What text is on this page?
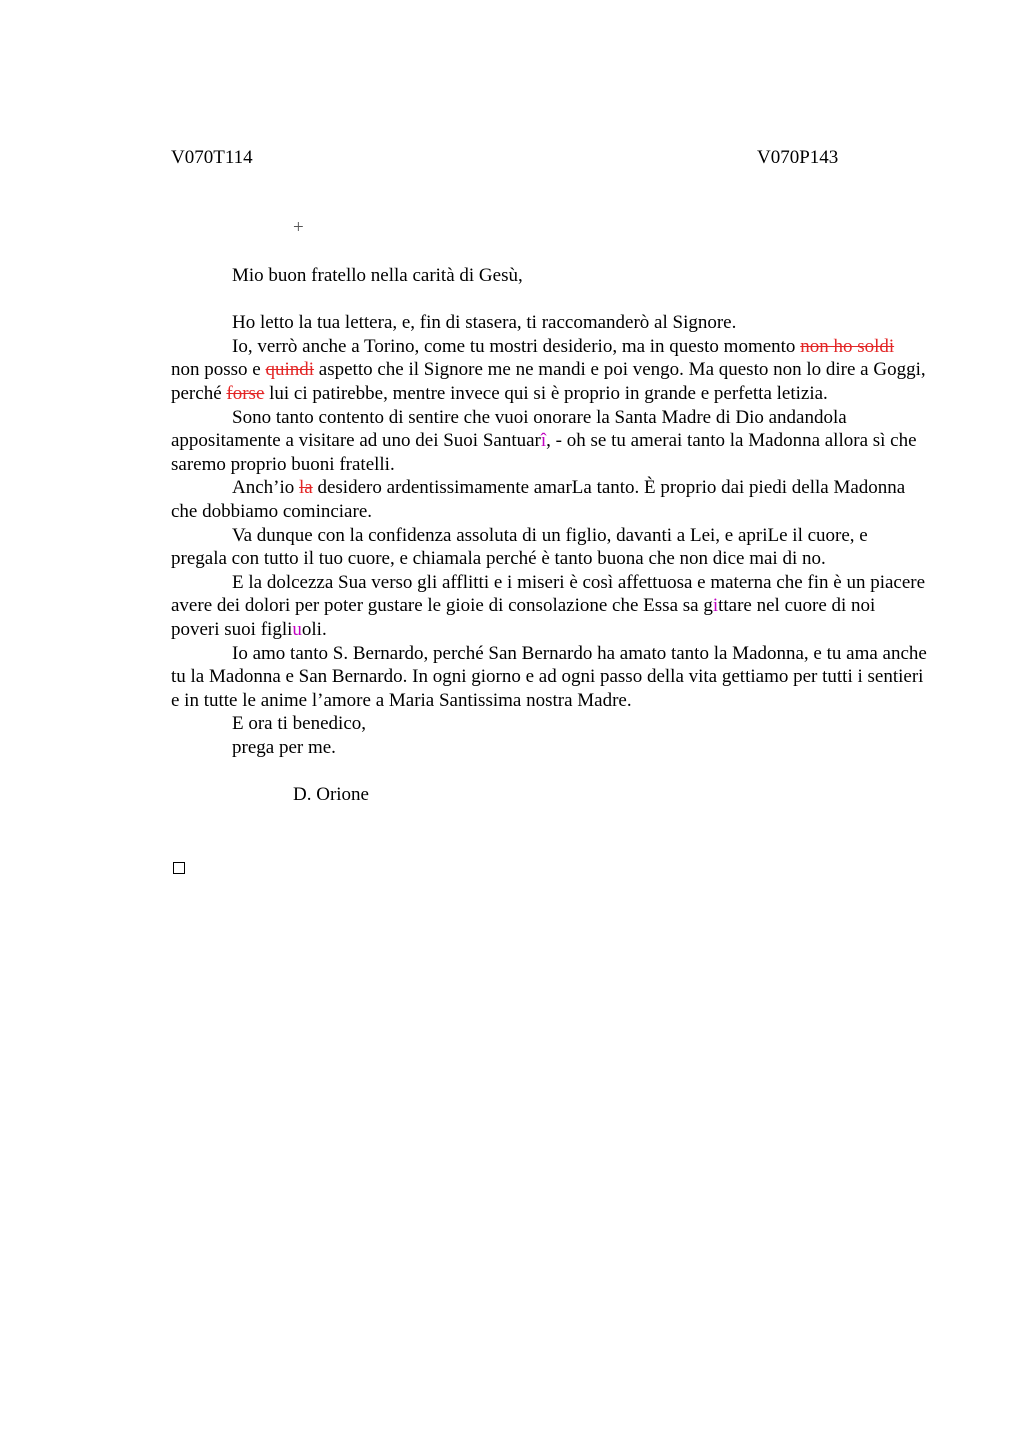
V070T114	V070P143
+

Mio buon fratello nella carità di Gesù,

Ho letto la tua lettera, e, fin di stasera, ti raccomanderò al Signore.

Io, verrò anche a Torino, come tu mostri desiderio, ma in questo momento non ho soldi non posso e quindi aspetto che il Signore me ne mandi e poi vengo. Ma questo non lo dire a Goggi, perché forse lui ci patirebbe, mentre invece qui si è proprio in grande e perfetta letizia.

Sono tanto contento di sentire che vuoi onorare la Santa Madre di Dio andandola appositamente a visitare ad uno dei Suoi Santuarî, - oh se tu amerai tanto la Madonna allora sì che saremo proprio buoni fratelli.

Anch’io la desidero ardentissimamente amarLa tanto. È proprio dai piedi della Madonna che dobbiamo cominciare.

Va dunque con la confidenza assoluta di un figlio, davanti a Lei, e apriLe il cuore, e pregala con tutto il tuo cuore, e chiamala perché è tanto buona che non dice mai di no.

E la dolcezza Sua verso gli afflitti e i miseri è così affettuosa e materna che fin è un piacere avere dei dolori per poter gustare le gioie di consolazione che Essa sa gittare nel cuore di noi poveri suoi figliuoli.

Io amo tanto S. Bernardo, perché San Bernardo ha amato tanto la Madonna, e tu ama anche tu la Madonna e San Bernardo. In ogni giorno e ad ogni passo della vita gettiamo per tutti i sentieri e in tutte le anime l’amore a Maria Santissima nostra Madre.

E ora ti benedico,

prega per me.

D. Orione
